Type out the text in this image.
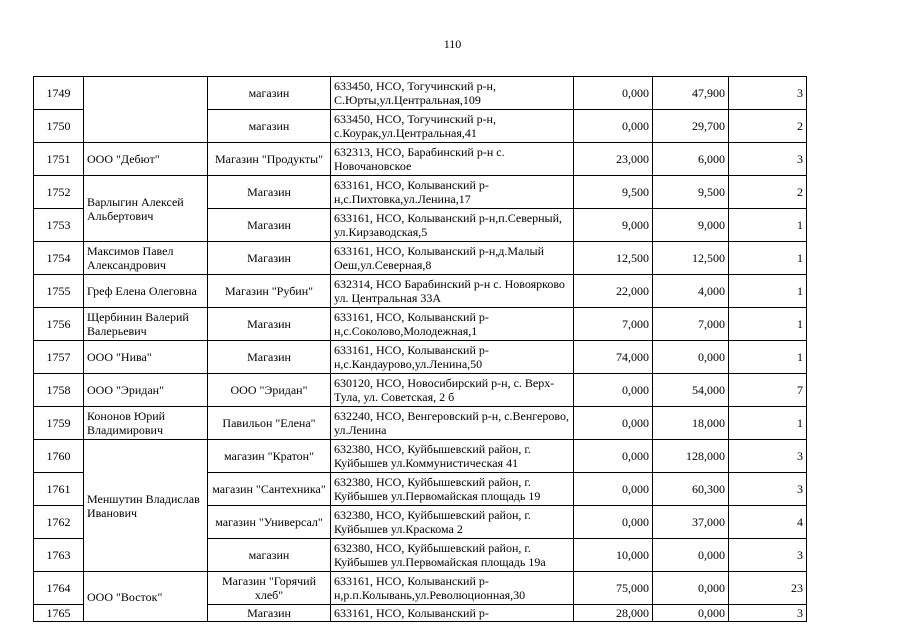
110
1749		магазин	633450, НСО, Тогучинский р-н, С.Юрты,ул.Центральная,109	0,000	47,900	3
1750		магазин	633450, НСО, Тогучинский р-н, с.Коурак,ул.Центральная,41	0,000	29,700	2
1751	ООО "Дебют"	Магазин "Продукты"	632313, НСО, Барабинский р-н с. Новочановское	23,000	6,000	3
1752	Варлыгин Алексей Альбертович	Магазин	633161, НСО, Колыванский р-н,с.Пихтовка,ул.Ленина,17	9,500	9,500	2
1753		Магазин	633161, НСО, Колыванский р-н,п.Северный, ул.Кирзаводская,5	9,000	9,000	1
1754	Максимов Павел Александрович	Магазин	633161, НСО, Колыванский р-н,д.Малый Оеш,ул.Северная,8	12,500	12,500	1
1755	Греф Елена Олеговна	Магазин "Рубин"	632314, НСО Барабинский р-н с. Новоярково ул. Центральная 33А	22,000	4,000	1
1756	Щербинин Валерий Валерьевич	Магазин	633161, НСО, Колыванский р-н,с.Соколово,Молодежная,1	7,000	7,000	1
1757	ООО "Нива"	Магазин	633161, НСО, Колыванский р-н,с.Кандаурово,ул.Ленина,50	74,000	0,000	1
1758	ООО "Эридан"	ООО "Эридан"	630120, НСО, Новосибирский р-н, с. Верх-Тула, ул. Советская, 2 б	0,000	54,000	7
1759	Кононов Юрий Владимирович	Павильон "Елена"	632240, НСО, Венгеровский р-н, с.Венгерово, ул.Ленина	0,000	18,000	1
1760	Меншутин Владислав Иванович	магазин "Кратон"	632380, НСО, Куйбышевский район, г. Куйбышев ул.Коммунистическая 41	0,000	128,000	3
1761		магазин "Сантехника"	632380, НСО, Куйбышевский район, г. Куйбышев ул.Первомайская площадь 19	0,000	60,300	3
1762		магазин "Универсал"	632380, НСО, Куйбышевский район, г. Куйбышев ул.Краскома 2	0,000	37,000	4
1763		магазин	632380, НСО, Куйбышевский район, г. Куйбышев ул.Первомайская площадь 19а	10,000	0,000	3
1764	ООО "Восток"	Магазин "Горячий хлеб"	633161, НСО, Колыванский р-н,р.п.Колывань,ул.Революционная,30	75,000	0,000	23
1765		Магазин	633161, НСО, Колыванский р-	28,000	0,000	3
